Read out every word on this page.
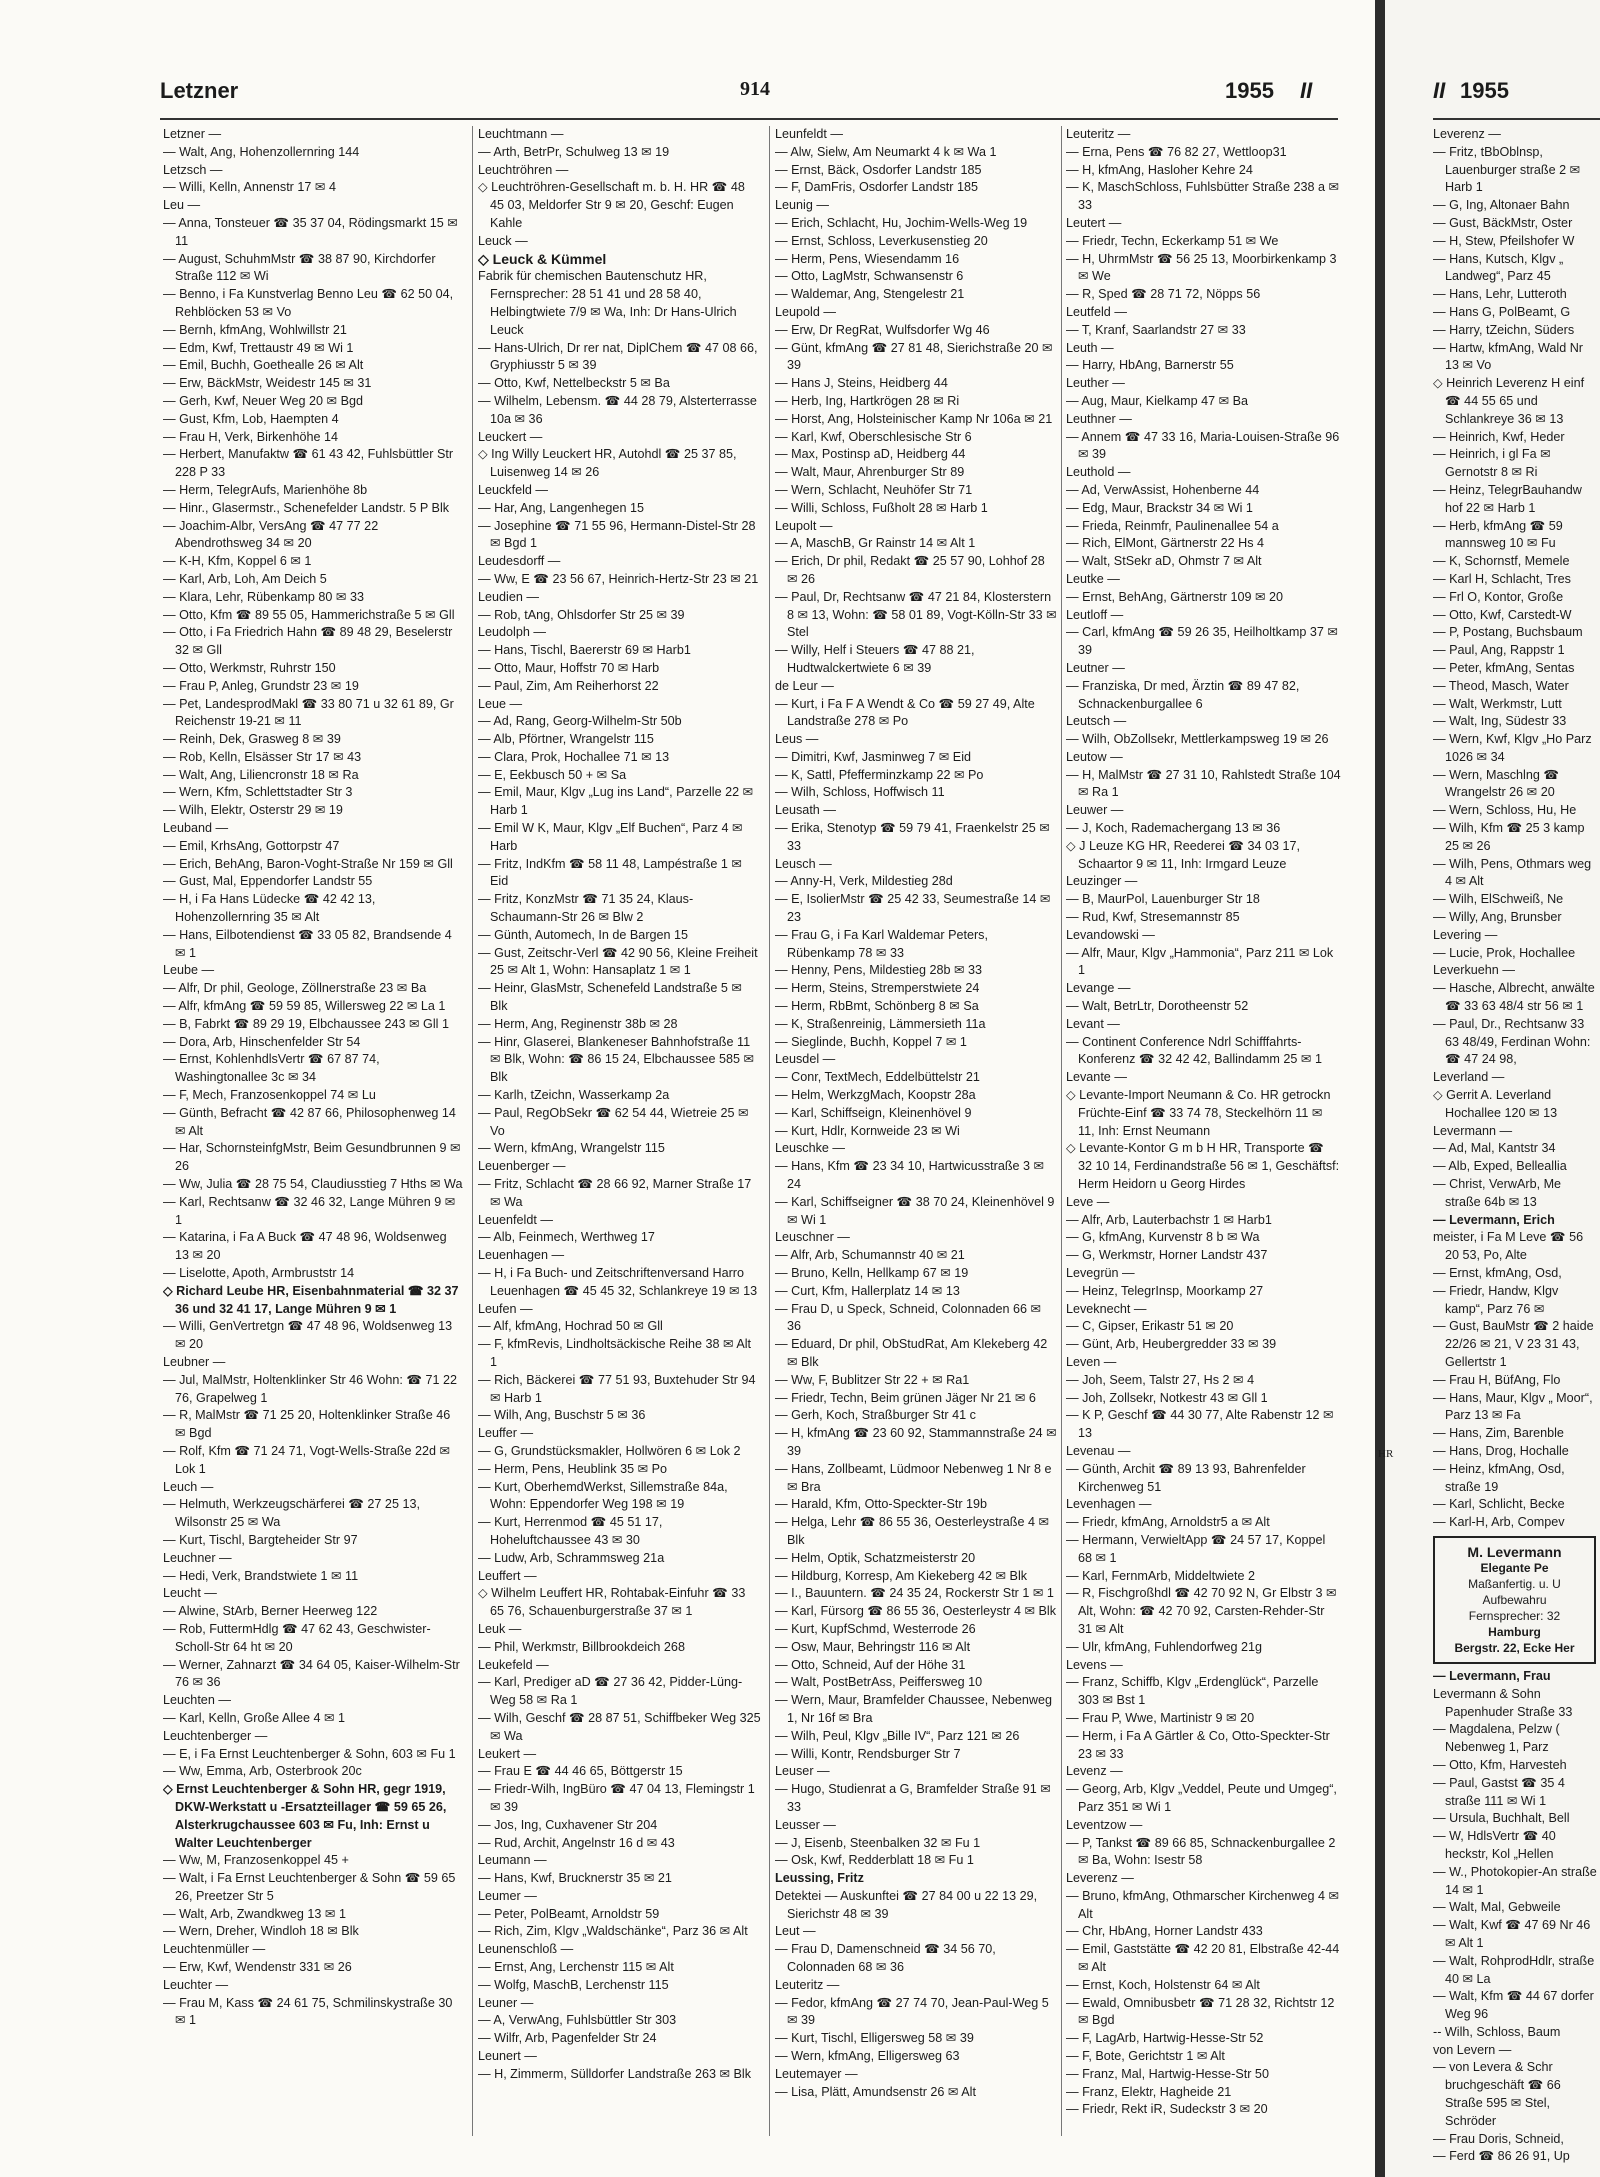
Letzner	914	1955 II

Letzner —

— Walt, Ang, Hohenzollernring 144

Letzsch —

— Willi, Kelln, Annenstr 17 ✉ 4

Leu —

— Anna, Tonsteuer ☎ 35 37 04, Rödingsmarkt 15 ✉ 11

— August, SchuhmMstr ☎ 38 87 90, Kirchdorfer Straße 112 ✉ Wi

— Benno, i Fa Kunstverlag Benno Leu ☎ 62 50 04, Rehblöcken 53 ✉ Vo

— Bernh, kfmAng, Wohlwillstr 21

— Edm, Kwf, Trettaustr 49 ✉ Wi 1

— Emil, Buchh, Goethealle 26 ✉ Alt

— Erw, BäckMstr, Weidestr 145 ✉ 31

— Gerh, Kwf, Neuer Weg 20 ✉ Bgd

— Gust, Kfm, Lob, Haempten 4

— Frau H, Verk, Birkenhöhe 14

— Herbert, Manufaktw ☎ 61 43 42, Fuhlsbüttler Str 228 P 33

— Herm, TelegrAufs, Marienhöhe 8b

— Hinr., Glasermstr., Schenefelder Landstr. 5 P Blk

— Joachim-Albr, VersAng ☎ 47 77 22 Abendrothsweg 34 ✉ 20

— K-H, Kfm, Koppel 6 ✉ 1

— Karl, Arb, Loh, Am Deich 5

— Klara, Lehr, Rübenkamp 80 ✉ 33

— Otto, Kfm ☎ 89 55 05, Hammerichstraße 5 ✉ Gll

— Otto, i Fa Friedrich Hahn ☎ 89 48 29, Beselerstr 32 ✉ Gll

— Otto, Werkmstr, Ruhrstr 150

— Frau P, Anleg, Grundstr 23 ✉ 19

— Pet, LandesprodMakl ☎ 33 80 71 u 32 61 89, Gr Reichenstr 19-21 ✉ 11

— Reinh, Dek, Grasweg 8 ✉ 39

— Rob, Kelln, Elsässer Str 17 ✉ 43

— Walt, Ang, Liliencronstr 18 ✉ Ra

— Wern, Kfm, Schlettstadter Str 3

— Wilh, Elektr, Osterstr 29 ✉ 19

Leuband —

— Emil, KrhsAng, Gottorpstr 47

— Erich, BehAng, Baron-Voght-Straße Nr 159 ✉ Gll

— Gust, Mal, Eppendorfer Landstr 55

— H, i Fa Hans Lüdecke ☎ 42 42 13, Hohenzollernring 35 ✉ Alt

— Hans, Eilbotendienst ☎ 33 05 82, Brandsende 4 ✉ 1

Leube —

— Alfr, Dr phil, Geologe, Zöllnerstraße 23 ✉ Ba

— Alfr, kfmAng ☎ 59 59 85, Willersweg 22 ✉ La 1

— B, Fabrkt ☎ 89 29 19, Elbchaussee 243 ✉ Gll 1

— Dora, Arb, Hinschenfelder Str 54

— Ernst, KohlenhdlsVertr ☎ 67 87 74, Washingtonallee 3c ✉ 34

— F, Mech, Franzosenkoppel 74 ✉ Lu

— Günth, Befracht ☎ 42 87 66, Philosophenweg 14 ✉ Alt

— Har, SchornsteinfgMstr, Beim Gesundbrunnen 9 ✉ 26

— Ww, Julia ☎ 28 75 54, Claudiusstieg 7 Hths ✉ Wa

— Karl, Rechtsanw ☎ 32 46 32, Lange Mühren 9 ✉ 1

— Katarina, i Fa A Buck ☎ 47 48 96, Woldsenweg 13 ✉ 20

— Liselotte, Apoth, Armbruststr 14

◇ Richard Leube HR, Eisenbahnmaterial ☎ 32 37 36 und 32 41 17, Lange Mühren 9 ✉ 1

— Willi, GenVertretgn ☎ 47 48 96, Woldsenweg 13 ✉ 20

Leubner —

— Jul, MalMstr, Holtenklinker Str 46 Wohn: ☎ 71 22 76, Grapelweg 1

— R, MalMstr ☎ 71 25 20, Holtenklinker Straße 46 ✉ Bgd

— Rolf, Kfm ☎ 71 24 71, Vogt-Wells-Straße 22d ✉ Lok 1

Leuch —

— Helmuth, Werkzeugschärferei ☎ 27 25 13, Wilsonstr 25 ✉ Wa

— Kurt, Tischl, Bargteheider Str 97

Leuchner —

— Hedi, Verk, Brandstwiete 1 ✉ 11

Leucht —

— Alwine, StArb, Berner Heerweg 122

— Rob, FuttermHdlg ☎ 47 62 43, Geschwister-Scholl-Str 64 ht ✉ 20

— Werner, Zahnarzt ☎ 34 64 05, Kaiser-Wilhelm-Str 76 ✉ 36

Leuchten —

— Karl, Kelln, Große Allee 4 ✉ 1

Leuchtenberger —

— E, i Fa Ernst Leuchtenberger & Sohn, 603 ✉ Fu 1

— Ww, Emma, Arb, Osterbrook 20c

◇ Ernst Leuchtenberger & Sohn HR, gegr 1919, DKW-Werkstatt u -Ersatzteillager ☎ 59 65 26, Alsterkrugchaussee 603 ✉ Fu, Inh: Ernst u Walter Leuchtenberger

— Ww, M, Franzosenkoppel 45 +

— Walt, i Fa Ernst Leuchtenberger & Sohn ☎ 59 65 26, Preetzer Str 5

— Walt, Arb, Zwandkweg 13 ✉ 1

— Wern, Dreher, Windloh 18 ✉ Blk

Leuchtenmüller —

— Erw, Kwf, Wendenstr 331 ✉ 26

Leuchter —

— Frau M, Kass ☎ 24 61 75, Schmilinskystraße 30 ✉ 1

Leuchtmann —

— Arth, BetrPr, Schulweg 13 ✉ 19

Leuchtröhren —

◇ Leuchtröhren-Gesellschaft m. b. H. HR ☎ 48 45 03, Meldorfer Str 9 ✉ 20, Geschf: Eugen Kahle

Leuck —

◇ Leuck & Kümmel

Fabrik für chemischen Bautenschutz HR, Fernsprecher: 28 51 41 und 28 58 40, Helbingtwiete 7/9 ✉ Wa, Inh: Dr Hans-Ulrich Leuck

— Hans-Ulrich, Dr rer nat, DiplChem ☎ 47 08 66, Gryphiusstr 5 ✉ 39

— Otto, Kwf, Nettelbeckstr 5 ✉ Ba

— Wilhelm, Lebensm. ☎ 44 28 79, Alsterterrasse 10a ✉ 36

Leuckert —

◇ Ing Willy Leuckert HR, Autohdl ☎ 25 37 85, Luisenweg 14 ✉ 26

Leuckfeld —

— Har, Ang, Langenhegen 15

— Josephine ☎ 71 55 96, Hermann-Distel-Str 28 ✉ Bgd 1

Leudesdorff —

— Ww, E ☎ 23 56 67, Heinrich-Hertz-Str 23 ✉ 21

Leudien —

— Rob, tAng, Ohlsdorfer Str 25 ✉ 39

Leudolph —

— Hans, Tischl, Baererstr 69 ✉ Harb1

— Otto, Maur, Hoffstr 70 ✉ Harb

— Paul, Zim, Am Reiherhorst 22

Leue —

— Ad, Rang, Georg-Wilhelm-Str 50b

— Alb, Pförtner, Wrangelstr 115

— Clara, Prok, Hochallee 71 ✉ 13

— E, Eekbusch 50 + ✉ Sa

— Emil, Maur, Klgv „Lug ins Land“, Parzelle 22 ✉ Harb 1

— Emil W K, Maur, Klgv „Elf Buchen“, Parz 4 ✉ Harb

— Fritz, IndKfm ☎ 58 11 48, Lampéstraße 1 ✉ Eid

— Fritz, KonzMstr ☎ 71 35 24, Klaus-Schaumann-Str 26 ✉ Blw 2

— Günth, Automech, In de Bargen 15

— Gust, Zeitschr-Verl ☎ 42 90 56, Kleine Freiheit 25 ✉ Alt 1, Wohn: Hansaplatz 1 ✉ 1

— Heinr, GlasMstr, Schenefeld Landstraße 5 ✉ Blk

— Herm, Ang, Reginenstr 38b ✉ 28

— Hinr, Glaserei, Blankeneser Bahnhofstraße 11 ✉ Blk, Wohn: ☎ 86 15 24, Elbchaussee 585 ✉ Blk

— Karlh, tZeichn, Wasserkamp 2a

— Paul, RegObSekr ☎ 62 54 44, Wietreie 25 ✉ Vo

— Wern, kfmAng, Wrangelstr 115

Leuenberger —

— Fritz, Schlacht ☎ 28 66 92, Marner Straße 17 ✉ Wa

Leuenfeldt —

— Alb, Feinmech, Werthweg 17

Leuenhagen —

— H, i Fa Buch- und Zeitschriftenversand Harro Leuenhagen ☎ 45 45 32, Schlankreye 19 ✉ 13

Leufen —

— Alf, kfmAng, Hochrad 50 ✉ Gll

— F, kfmRevis, Lindholtsäckische Reihe 38 ✉ Alt 1

— Rich, Bäckerei ☎ 77 51 93, Buxtehuder Str 94 ✉ Harb 1

— Wilh, Ang, Buschstr 5 ✉ 36

Leuffer —

— G, Grundstücksmakler, Hollwören 6 ✉ Lok 2

— Herm, Pens, Heublink 35 ✉ Po

— Kurt, OberhemdWerkst, Sillemstraße 84a, Wohn: Eppendorfer Weg 198 ✉ 19

— Kurt, Herrenmod ☎ 45 51 17, Hoheluftchaussee 43 ✉ 30

— Ludw, Arb, Schrammsweg 21a

Leuffert —

◇ Wilhelm Leuffert HR, Rohtabak-Einfuhr ☎ 33 65 76, Schauenburgerstraße 37 ✉ 1

Leuk —

— Phil, Werkmstr, Billbrookdeich 268

Leukefeld —

— Karl, Prediger aD ☎ 27 36 42, Pidder-Lüng-Weg 58 ✉ Ra 1

— Wilh, Geschf ☎ 28 87 51, Schiffbeker Weg 325 ✉ Wa

Leukert —

— Frau E ☎ 44 46 65, Böttgerstr 15

— Friedr-Wilh, IngBüro ☎ 47 04 13, Flemingstr 1 ✉ 39

— Jos, Ing, Cuxhavener Str 204

— Rud, Archit, Angelnstr 16 d ✉ 43

Leumann —

— Hans, Kwf, Brucknerstr 35 ✉ 21

Leumer —

— Peter, PolBeamt, Arnoldstr 59

— Rich, Zim, Klgv „Waldschänke“, Parz 36 ✉ Alt

Leunenschloß —

— Ernst, Ang, Lerchenstr 115 ✉ Alt

— Wolfg, MaschB, Lerchenstr 115

Leuner —

— A, VerwAng, Fuhlsbüttler Str 303

— Wilfr, Arb, Pagenfelder Str 24

Leunert —

— H, Zimmerm, Sülldorfer Landstraße 263 ✉ Blk

Leunfeldt —

— Alw, Sielw, Am Neumarkt 4 k ✉ Wa 1

— Ernst, Bäck, Osdorfer Landstr 185

— F, DamFris, Osdorfer Landstr 185

Leunig —

— Erich, Schlacht, Hu, Jochim-Wells-Weg 19

— Ernst, Schloss, Leverkusenstieg 20

— Herm, Pens, Wiesendamm 16

— Otto, LagMstr, Schwansenstr 6

— Waldemar, Ang, Stengelestr 21

Leupold —

— Erw, Dr RegRat, Wulfsdorfer Wg 46

— Günt, kfmAng ☎ 27 81 48, Sierichstraße 20 ✉ 39

— Hans J, Steins, Heidberg 44

— Herb, Ing, Hartkrögen 28 ✉ Ri

— Horst, Ang, Holsteinischer Kamp Nr 106a ✉ 21

— Karl, Kwf, Oberschlesische Str 6

— Max, Postinsp aD, Heidberg 44

— Walt, Maur, Ahrenburger Str 89

— Wern, Schlacht, Neuhöfer Str 71

— Willi, Schloss, Fußholt 28 ✉ Harb 1

Leupolt —

— A, MaschB, Gr Rainstr 14 ✉ Alt 1

— Erich, Dr phil, Redakt ☎ 25 57 90, Lohhof 28 ✉ 26

— Paul, Dr, Rechtsanw ☎ 47 21 84, Klosterstern 8 ✉ 13, Wohn: ☎ 58 01 89, Vogt-Kölln-Str 33 ✉ Stel

— Willy, Helf i Steuers ☎ 47 88 21, Hudtwalckertwiete 6 ✉ 39

de Leur —

— Kurt, i Fa F A Wendt & Co ☎ 59 27 49, Alte Landstraße 278 ✉ Po

Leus —

— Dimitri, Kwf, Jasminweg 7 ✉ Eid

— K, Sattl, Pfefferminzkamp 22 ✉ Po

— Wilh, Schloss, Hoffwisch 11

Leusath —

— Erika, Stenotyp ☎ 59 79 41, Fraenkelstr 25 ✉ 33

Leusch —

— Anny-H, Verk, Mildestieg 28d

— E, IsolierMstr ☎ 25 42 33, Seumestraße 14 ✉ 23

— Frau G, i Fa Karl Waldemar Peters, Rübenkamp 78 ✉ 33

— Henny, Pens, Mildestieg 28b ✉ 33

— Herm, Steins, Stremperstwiete 24

— Herm, RbBmt, Schönberg 8 ✉ Sa

— K, Straßenreinig, Lämmersieth 11a

— Sieglinde, Buchh, Koppel 7 ✉ 1

Leusdel —

— Conr, TextMech, Eddelbüttelstr 21

— Helm, WerkzgMach, Koopstr 28a

— Karl, Schiffseign, Kleinenhövel 9

— Kurt, Hdlr, Kornweide 23 ✉ Wi

Leuschke —

— Hans, Kfm ☎ 23 34 10, Hartwicusstraße 3 ✉ 24

— Karl, Schiffseigner ☎ 38 70 24, Kleinenhövel 9 ✉ Wi 1

Leuschner —

— Alfr, Arb, Schumannstr 40 ✉ 21

— Bruno, Kelln, Hellkamp 67 ✉ 19

— Curt, Kfm, Hallerplatz 14 ✉ 13

— Frau D, u Speck, Schneid, Colonnaden 66 ✉ 36

— Eduard, Dr phil, ObStudRat, Am Klekeberg 42 ✉ Blk

— Ww, F, Bublitzer Str 22 + ✉ Ra1

— Friedr, Techn, Beim grünen Jäger Nr 21 ✉ 6

— Gerh, Koch, Straßburger Str 41 c

— H, kfmAng ☎ 23 60 92, Stammannstraße 24 ✉ 39

— Hans, Zollbeamt, Lüdmoor Nebenweg 1 Nr 8 e ✉ Bra

— Harald, Kfm, Otto-Speckter-Str 19b

— Helga, Lehr ☎ 86 55 36, Oesterleystraße 4 ✉ Blk

— Helm, Optik, Schatzmeisterstr 20

— Hildburg, Korresp, Am Kiekeberg 42 ✉ Blk

— I., Bauuntern. ☎ 24 35 24, Rockerstr Str 1 ✉ 1

— Karl, Fürsorg ☎ 86 55 36, Oesterleystr 4 ✉ Blk

— Kurt, KupfSchmd, Westerrode 26

— Osw, Maur, Behringstr 116 ✉ Alt

— Otto, Schneid, Auf der Höhe 31

— Walt, PostBetrAss, Peiffersweg 10

— Wern, Maur, Bramfelder Chaussee, Nebenweg 1, Nr 16f ✉ Bra

— Wilh, Peul, Klgv „Bille IV“, Parz 121 ✉ 26

— Willi, Kontr, Rendsburger Str 7

Leuser —

— Hugo, Studienrat a G, Bramfelder Straße 91 ✉ 33

Leusser —

— J, Eisenb, Steenbalken 32 ✉ Fu 1

— Osk, Kwf, Redderblatt 18 ✉ Fu 1

Leussing, Fritz

Detektei — Auskunftei ☎ 27 84 00 u 22 13 29, Sierichstr 48 ✉ 39

Leut —

— Frau D, Damenschneid ☎ 34 56 70, Colonnaden 68 ✉ 36

Leuteritz —

— Fedor, kfmAng ☎ 27 74 70, Jean-Paul-Weg 5 ✉ 39

— Kurt, Tischl, Elligersweg 58 ✉ 39

— Wern, kfmAng, Elligersweg 63

Leutemayer —

— Lisa, Plätt, Amundsenstr 26 ✉ Alt

Leuteritz —

— Erna, Pens ☎ 76 82 27, Wettloop31

— H, kfmAng, Hasloher Kehre 24

— K, MaschSchloss, Fuhlsbütter Straße 238 a ✉ 33

Leutert —

— Friedr, Techn, Eckerkamp 51 ✉ We

— H, UhrmMstr ☎ 56 25 13, Moorbirkenkamp 3 ✉ We

— R, Sped ☎ 28 71 72, Nöpps 56

Leutfeld —

— T, Kranf, Saarlandstr 27 ✉ 33

Leuth —

— Harry, HbAng, Barnerstr 55

Leuther —

— Aug, Maur, Kielkamp 47 ✉ Ba

Leuthner —

— Annem ☎ 47 33 16, Maria-Louisen-Straße 96 ✉ 39

Leuthold —

— Ad, VerwAssist, Hohenberne 44

— Edg, Maur, Brackstr 34 ✉ Wi 1

— Frieda, Reinmfr, Paulinenallee 54 a

— Rich, ElMont, Gärtnerstr 22 Hs 4

— Walt, StSekr aD, Ohmstr 7 ✉ Alt

Leutke —

— Ernst, BehAng, Gärtnerstr 109 ✉ 20

Leutloff —

— Carl, kfmAng ☎ 59 26 35, Heilholtkamp 37 ✉ 39

Leutner —

— Franziska, Dr med, Ärztin ☎ 89 47 82, Schnackenburgallee 6

Leutsch —

— Wilh, ObZollsekr, Mettlerkampsweg 19 ✉ 26

Leutow —

— H, MalMstr ☎ 27 31 10, Rahlstedt Straße 104 ✉ Ra 1

Leuwer —

— J, Koch, Rademachergang 13 ✉ 36

◇ J Leuze KG HR, Reederei ☎ 34 03 17, Schaartor 9 ✉ 11, Inh: Irmgard Leuze

Leuzinger —

— B, MaurPol, Lauenburger Str 18

— Rud, Kwf, Stresemannstr 85

Levandowski —

— Alfr, Maur, Klgv „Hammonia“, Parz 211 ✉ Lok 1

Levange —

— Walt, BetrLtr, Dorotheenstr 52

Levant —

— Continent Conference Ndrl Schifffahrts-Konferenz ☎ 32 42 42, Ballindamm 25 ✉ 1

Levante —

◇ Levante-Import Neumann & Co. HR getrockn Früchte-Einf ☎ 33 74 78, Steckelhörn 11 ✉ 11, Inh: Ernst Neumann

◇ Levante-Kontor G m b H HR, Transporte ☎ 32 10 14, Ferdinandstraße 56 ✉ 1, Geschäftsf: Herm Heidorn u Georg Hirdes

Leve —

— Alfr, Arb, Lauterbachstr 1 ✉ Harb1

— G, kfmAng, Kurvenstr 8 b ✉ Wa

— G, Werkmstr, Horner Landstr 437

Levegrün —

— Heinz, TelegrInsp, Moorkamp 27

Leveknecht —

— C, Gipser, Erikastr 51 ✉ 20

— Günt, Arb, Heubergredder 33 ✉ 39

Leven —

— Joh, Seem, Talstr 27, Hs 2 ✉ 4

— Joh, Zollsekr, Notkestr 43 ✉ Gll 1

— K P, Geschf ☎ 44 30 77, Alte Rabenstr 12 ✉ 13

Levenau —

— Günth, Archit ☎ 89 13 93, Bahrenfelder Kirchenweg 51

Levenhagen —

— Friedr, kfmAng, Arnoldstr5 a ✉ Alt

— Hermann, VerwieltApp ☎ 24 57 17, Koppel 68 ✉ 1

— Karl, FernmArb, Middeltwiete 2

— R, Fischgroßhdl ☎ 42 70 92 N, Gr Elbstr 3 ✉ Alt, Wohn: ☎ 42 70 92, Carsten-Rehder-Str 31 ✉ Alt

— Ulr, kfmAng, Fuhlendorfweg 21g

Levens —

— Franz, Schiffb, Klgv „Erdenglück“, Parzelle 303 ✉ Bst 1

— Frau P, Wwe, Martinistr 9 ✉ 20

— Herm, i Fa A Gärtler & Co, Otto-Speckter-Str 23 ✉ 33

Levenz —

— Georg, Arb, Klgv „Veddel, Peute und Umgeg“, Parz 351 ✉ Wi 1

Leventzow —

— P, Tankst ☎ 89 66 85, Schnackenburgallee 2 ✉ Ba, Wohn: Isestr 58

Leverenz —

— Bruno, kfmAng, Othmarscher Kirchenweg 4 ✉ Alt

— Chr, HbAng, Horner Landstr 433

— Emil, Gaststätte ☎ 42 20 81, Elbstraße 42-44 ✉ Alt

— Ernst, Koch, Holstenstr 64 ✉ Alt

— Ewald, Omnibusbetr ☎ 71 28 32, Richtstr 12 ✉ Bgd

— F, LagArb, Hartwig-Hesse-Str 52

— F, Bote, Gerichtstr 1 ✉ Alt

— Franz, Mal, Hartwig-Hesse-Str 50

— Franz, Elektr, Hagheide 21

— Friedr, Rekt iR, Sudeckstr 3 ✉ 20

II 1955

Leverenz —

— Fritz, tBbOblnsp, Lauenburger straße 2 ✉ Harb 1

— G, Ing, Altonaer Bahn

— Gust, BäckMstr, Oster

— H, Stew, Pfeilshofer W

— Hans, Kutsch, Klgv „ Landweg“, Parz 45

— Hans, Lehr, Lutteroth

— Hans G, PolBeamt, G

— Harry, tZeichn, Süders

— Hartw, kfmAng, Wald Nr 13 ✉ Vo

◇ Heinrich Leverenz H einf ☎ 44 55 65 und Schlankreye 36 ✉ 13

— Heinrich, Kwf, Heder

— Heinrich, i gl Fa ✉ Gernotstr 8 ✉ Ri

— Heinz, TelegrBauhandw hof 22 ✉ Harb 1

— Herb, kfmAng ☎ 59 mannsweg 10 ✉ Fu

— K, Schornstf, Memele

— Karl H, Schlacht, Tres

— Frl O, Kontor, Große

— Otto, Kwf, Carstedt-W

— P, Postang, Buchsbaum

— Paul, Ang, Rappstr 1

— Peter, kfmAng, Sentas

— Theod, Masch, Water

— Walt, Werkmstr, Lutt

— Walt, Ing, Südestr 33

— Wern, Kwf, Klgv „Ho Parz 1026 ✉ 34

— Wern, Maschlng ☎ Wrangelstr 26 ✉ 20

— Wern, Schloss, Hu, He

— Wilh, Kfm ☎ 25 3 kamp 25 ✉ 26

— Wilh, Pens, Othmars weg 4 ✉ Alt

— Wilh, ElSchweiß, Ne

— Willy, Ang, Brunsber

Levering —

— Lucie, Prok, Hochallee

Leverkuehn —

— Hasche, Albrecht, anwälte ☎ 33 63 48/4 str 56 ✉ 1

— Paul, Dr., Rechtsanw 33 63 48/49, Ferdinan Wohn: ☎ 47 24 98,

Leverland —

◇ Gerrit A. Leverland Hochallee 120 ✉ 13

Levermann —

— Ad, Mal, Kantstr 34

— Alb, Exped, Belleallia

— Christ, VerwArb, Me straße 64b ✉ 13

— Levermann, Erich

meister, i Fa M Leve ☎ 56 20 53, Po, Alte

— Ernst, kfmAng, Osd,

— Friedr, Handw, Klgv kamp“, Parz 76 ✉

— Gust, BauMstr ☎ 2 haide 22/26 ✉ 21, V 23 31 43, Gellertstr 1

— Frau H, BüfAng, Flo

— Hans, Maur, Klgv „ Moor“, Parz 13 ✉ Fa

— Hans, Zim, Barenble

— Hans, Drog, Hochalle

— Heinz, kfmAng, Osd, straße 19

— Karl, Schlicht, Becke

— Karl-H, Arb, Compev

M. Levermann
Elegante Pe
Maßanfertig. u. U
Aufbewahru
Fernsprecher: 32
Hamburg
Bergstr. 22, Ecke Her

— Levermann, Frau

Levermann & Sohn Papenhuder Straße 33

— Magdalena, Pelzw ( Nebenweg 1, Parz

— Otto, Kfm, Harvesteh

— Paul, Gastst ☎ 35 4 straße 111 ✉ Wi 1

— Ursula, Buchhalt, Bell

— W, HdlsVertr ☎ 40 heckstr, Kol „Hellen

— W., Photokopier-An straße 14 ✉ 1

— Walt, Mal, Gebweile

— Walt, Kwf ☎ 47 69 Nr 46 ✉ Alt 1

— Walt, RohprodHdlr, straße 40 ✉ La

— Walt, Kfm ☎ 44 67 dorfer Weg 96

-- Wilh, Schloss, Baum

von Levern —

— von Levera & Schr bruchgeschäft ☎ 66 Straße 595 ✉ Stel, Schröder

— Frau Doris, Schneid,

— Ferd ☎ 86 26 91, Up

HR
